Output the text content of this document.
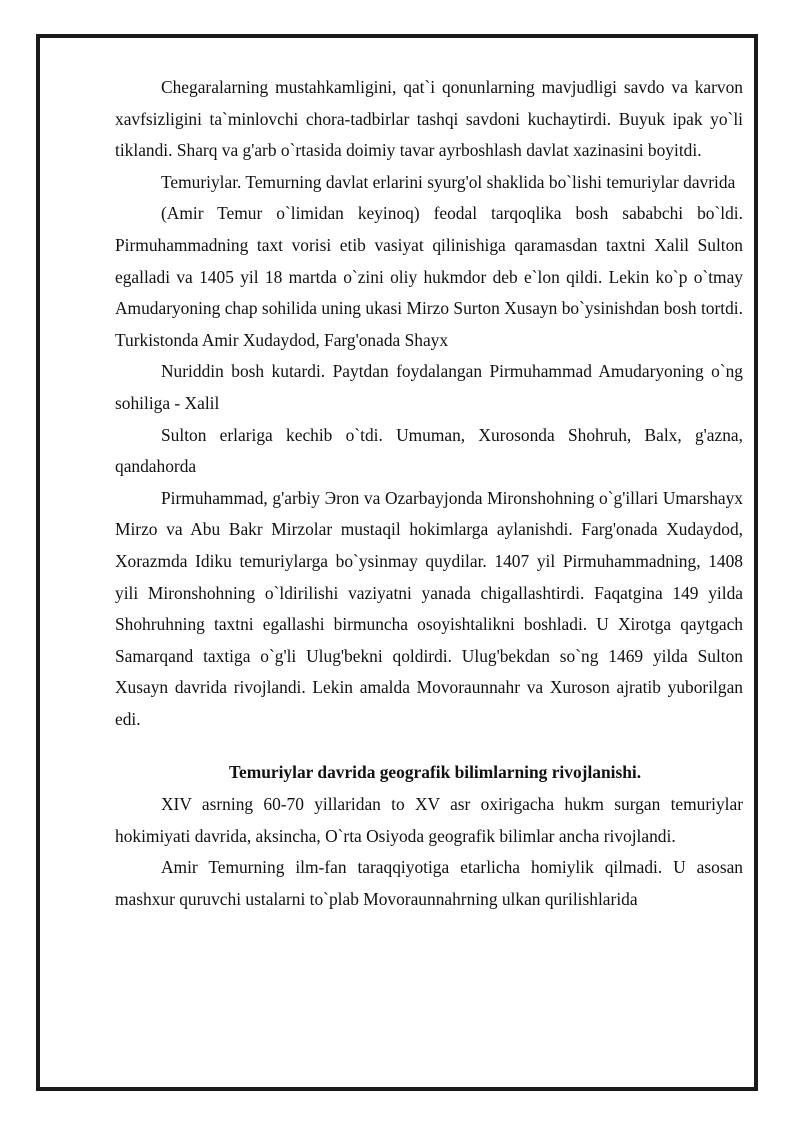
Chegaralarning mustahkamligini, qat`i qonunlarning mavjudligi savdo va karvon xavfsizligini ta`minlovchi chora-tadbirlar tashqi savdoni kuchaytirdi. Buyuk ipak yo`li tiklandi. Sharq va g'arb o`rtasida doimiy tavar ayrboshlash davlat xazinasini boyitdi.

Temuriylar. Temurning davlat erlarini syurg'ol shaklida bo`lishi temuriylar davrida

(Amir Temur o`limidan keyinoq) feodal tarqoqlika bosh sababchi bo`ldi. Pirmuhammadning taxt vorisi etib vasiyat qilinishiga qaramasdan taxtni Xalil Sulton egalladi va 1405 yil 18 martda o`zini oliy hukmdor deb e`lon qildi. Lekin ko`p o`tmay Amudaryoning chap sohilida uning ukasi Mirzo Surton Xusayn bo`ysinishdan bosh tortdi. Turkistonda Amir Xudaydod, Farg'onada Shayx

Nuriddin bosh kutardi. Paytdan foydalangan Pirmuhammad Amudaryoning o`ng sohiliga - Xalil

Sulton erlariga kechib o`tdi. Umuman, Xurosonda Shohruh, Balx, g'azna, qandahorda

Pirmuhammad, g'arbiy Эron va Ozarbayjonda Mironshohning o`g'illari Umarshayx Mirzo va Abu Bakr Mirzolar mustaqil hokimlarga aylanishdi. Farg'onada Xudaydod, Xorazmda Idiku temuriylarga bo`ysinmay quydilar. 1407 yil Pirmuhammadning, 1408 yili Mironshohning o`ldirilishi vaziyatni yanada chigallashtirdi. Faqatgina 149 yilda Shohruhning taxtni egallashi birmuncha osoyishtalikni boshladi. U Xirotga qaytgach Samarqand taxtiga o`g'li Ulug'bekni qoldirdi. Ulug'bekdan so`ng 1469 yilda Sulton Xusayn davrida rivojlandi. Lekin amalda Movoraunnahr va Xuroson ajratib yuborilgan edi.

Temuriylar davrida geografik bilimlarning rivojlanishi.

XIV asrning 60-70 yillaridan to XV asr oxirigacha hukm surgan temuriylar hokimiyati davrida, aksincha, O`rta Osiyoda geografik bilimlar ancha rivojlandi.

Amir Temurning ilm-fan taraqqiyotiga etarlicha homiylik qilmadi. U asosan mashxur quruvchi ustalarni to`plab Movoraunnahrning ulkan qurilishlarida
